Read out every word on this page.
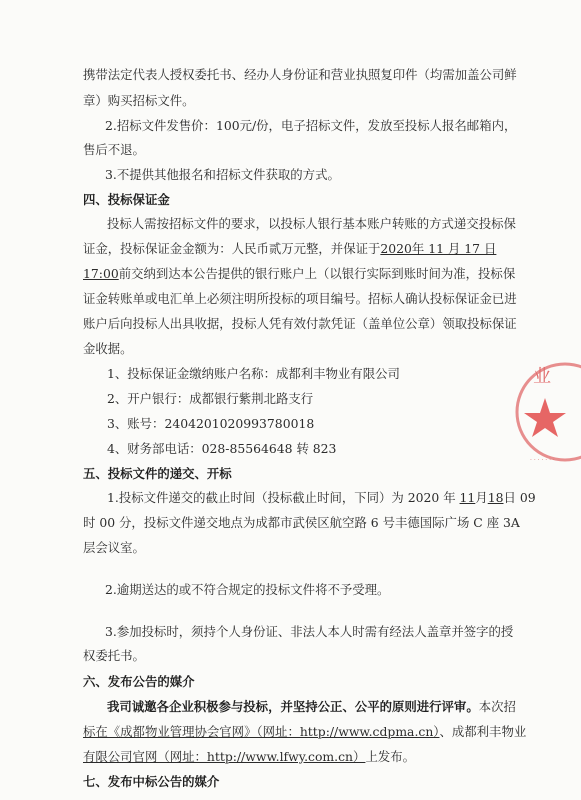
携带法定代表人授权委托书、经办人身份证和营业执照复印件（均需加盖公司鲜
章）购买招标文件。
2.招标文件发售价：100元/份，电子招标文件，发放至投标人报名邮箱内，
售后不退。
3.不提供其他报名和招标文件获取的方式。
四、投标保证金
投标人需按招标文件的要求，以投标人银行基本账户转账的方式递交投标保
证金，投标保证金金额为：人民币贰万元整，并保证于2020年 11 月 17 日
17:00前交纳到达本公告提供的银行账户上（以银行实际到账时间为准，投标保
证金转账单或电汇单上必须注明所投标的项目编号。招标人确认投标保证金已进
账户后向投标人出具收据，投标人凭有效付款凭证（盖单位公章）领取投标保证
金收据。
1、投标保证金缴纳账户名称：成都利丰物业有限公司
2、开户银行：成都银行紫荆北路支行
3、账号：2404201020993780018
4、财务部电话：028-85564648 转 823
五、投标文件的递交、开标
1.投标文件递交的截止时间（投标截止时间，下同）为 2020 年 11月18日 09
时 00 分，投标文件递交地点为成都市武侯区航空路 6 号丰德国际广场 C 座 3A
层会议室。
2.逾期送达的或不符合规定的投标文件将不予受理。
3.参加投标时，须持个人身份证、非法人本人时需有经法人盖章并签字的授
权委托书。
六、发布公告的媒介
我司诚邀各企业积极参与投标，并坚持公正、公平的原则进行评审。本次招
标在《成都物业管理协会官网》（网址：http://www.cdpma.cn）、成都利丰物业
有限公司官网（网址：http://www.lfwy.com.cn）上发布。
业
· · · · · · ·
七、发布中标公告的媒介
